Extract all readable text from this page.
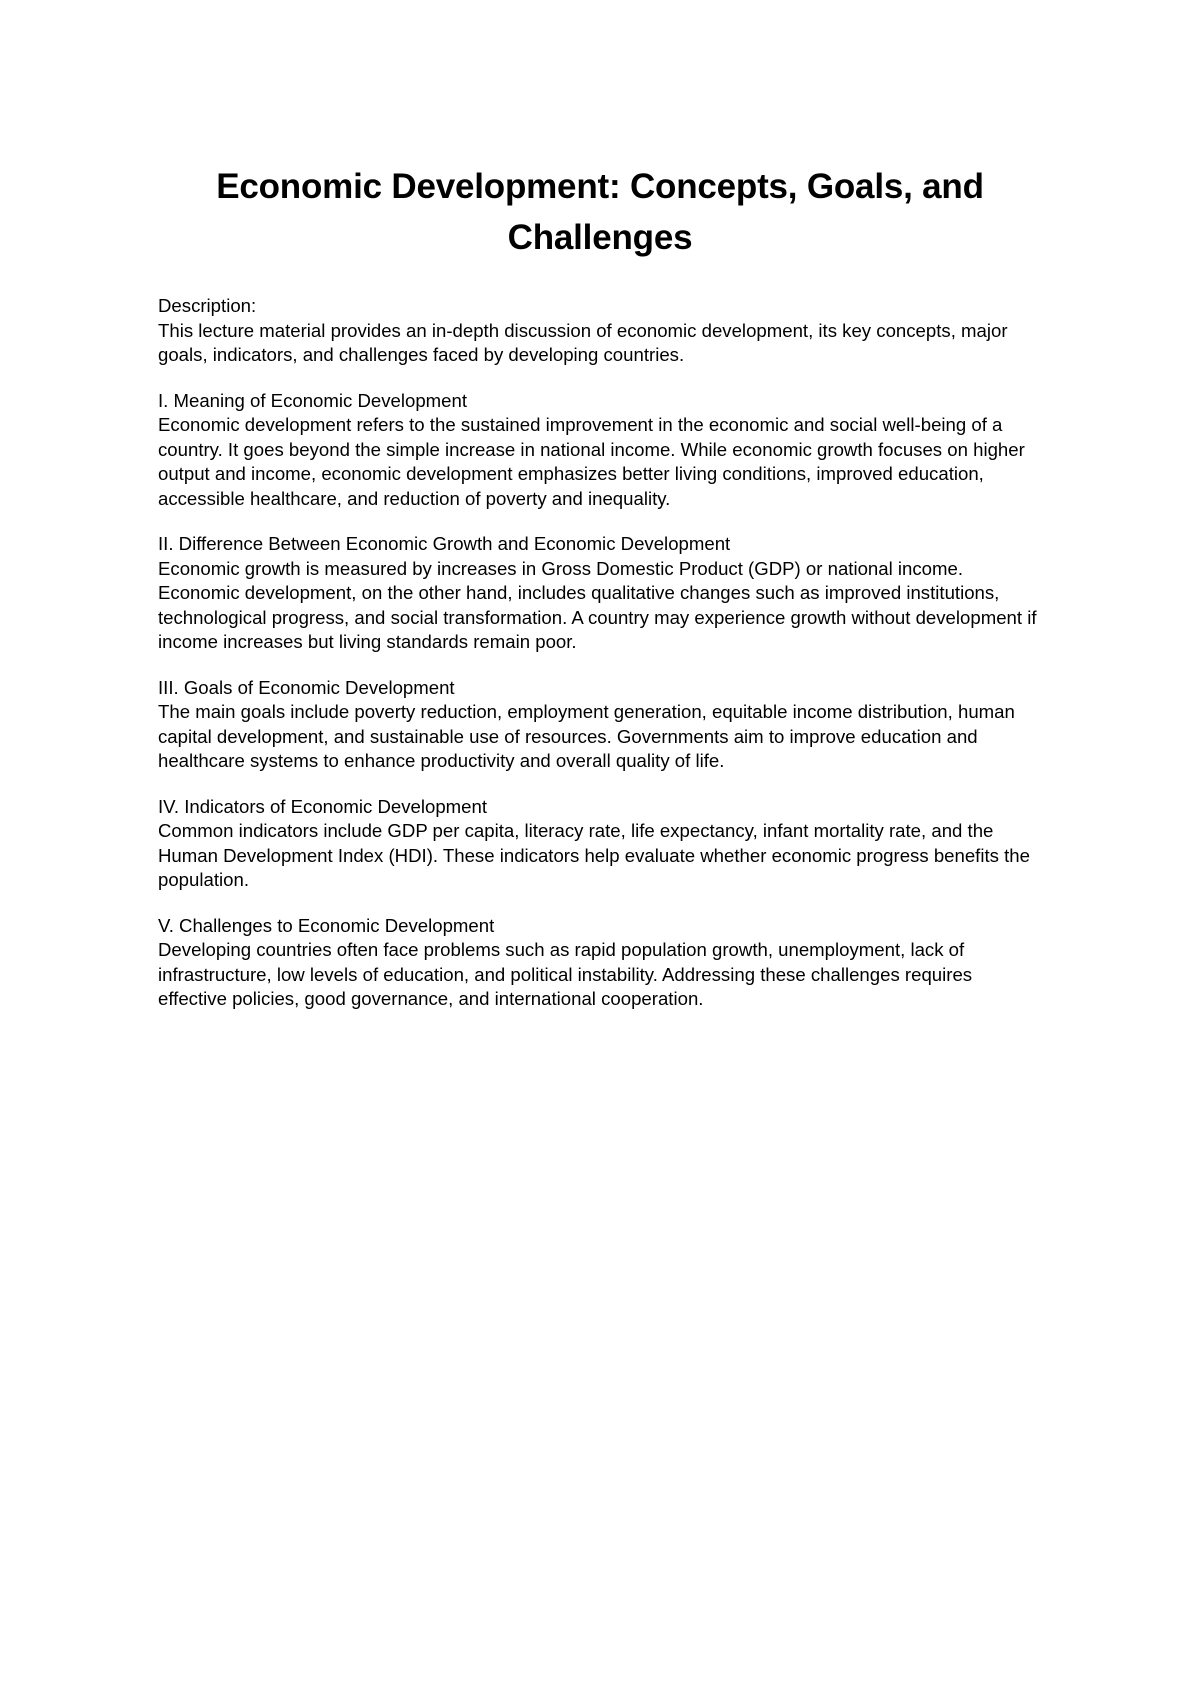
Economic Development: Concepts, Goals, and Challenges
Description:
This lecture material provides an in-depth discussion of economic development, its key concepts, major goals, indicators, and challenges faced by developing countries.
I. Meaning of Economic Development
Economic development refers to the sustained improvement in the economic and social well-being of a country. It goes beyond the simple increase in national income. While economic growth focuses on higher output and income, economic development emphasizes better living conditions, improved education, accessible healthcare, and reduction of poverty and inequality.
II. Difference Between Economic Growth and Economic Development
Economic growth is measured by increases in Gross Domestic Product (GDP) or national income. Economic development, on the other hand, includes qualitative changes such as improved institutions, technological progress, and social transformation. A country may experience growth without development if income increases but living standards remain poor.
III. Goals of Economic Development
The main goals include poverty reduction, employment generation, equitable income distribution, human capital development, and sustainable use of resources. Governments aim to improve education and healthcare systems to enhance productivity and overall quality of life.
IV. Indicators of Economic Development
Common indicators include GDP per capita, literacy rate, life expectancy, infant mortality rate, and the Human Development Index (HDI). These indicators help evaluate whether economic progress benefits the population.
V. Challenges to Economic Development
Developing countries often face problems such as rapid population growth, unemployment, lack of infrastructure, low levels of education, and political instability. Addressing these challenges requires effective policies, good governance, and international cooperation.
